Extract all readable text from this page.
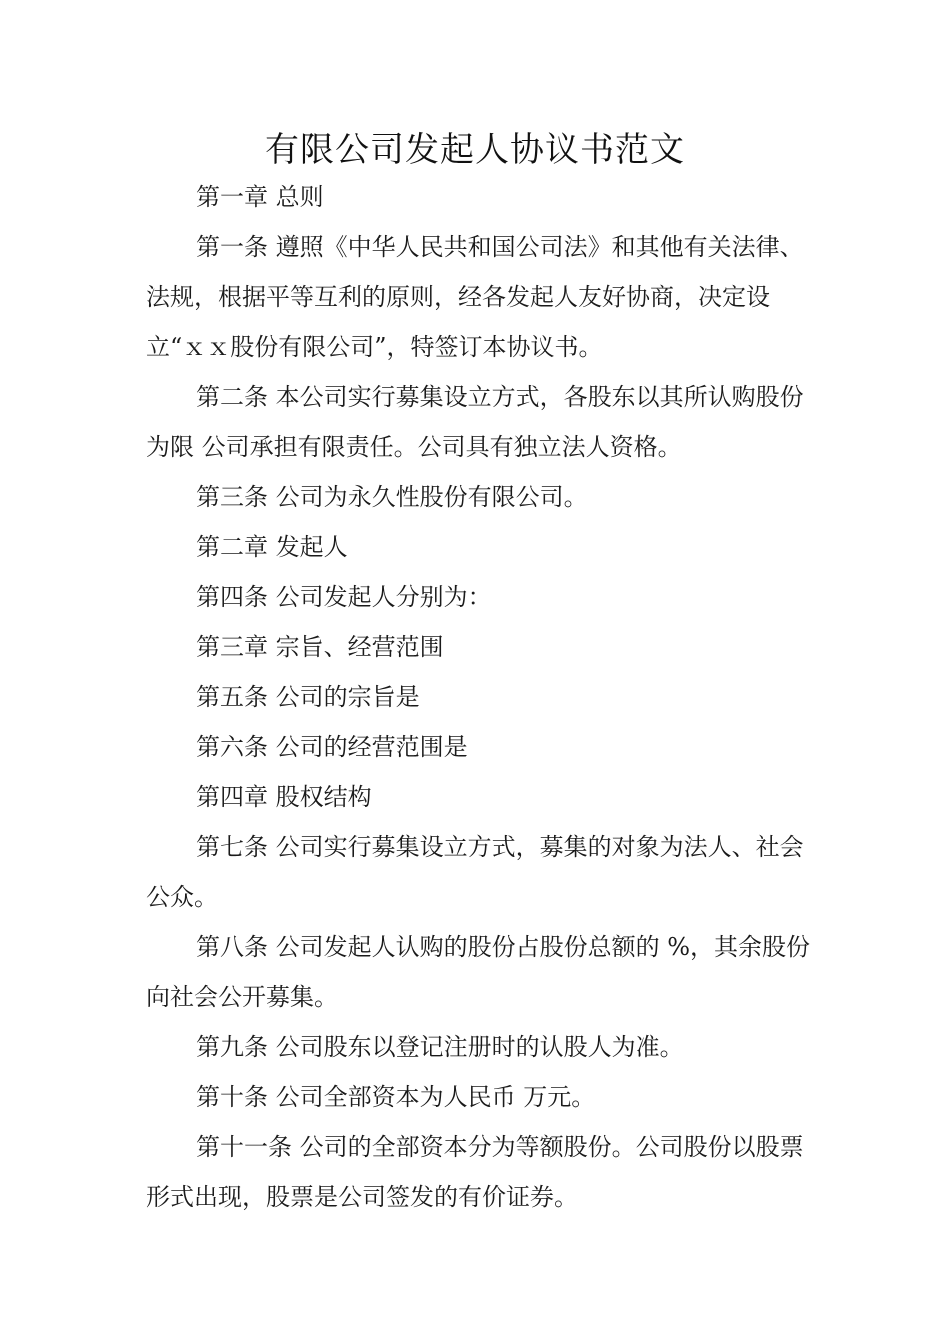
有限公司发起人协议书范文

第一章 总则

第一条 遵照《中华人民共和国公司法》和其他有关法律、法规，根据平等互利的原则，经各发起人友好协商，决定设立“ｘｘ股份有限公司”，特签订本协议书。

第二条 本公司实行募集设立方式，各股东以其所认购股份为限 公司承担有限责任。公司具有独立法人资格。

第三条 公司为永久性股份有限公司。

第二章 发起人

第四条 公司发起人分别为：

第三章 宗旨、经营范围

第五条 公司的宗旨是

第六条 公司的经营范围是

第四章 股权结构

第七条 公司实行募集设立方式，募集的对象为法人、社会公众。

第八条 公司发起人认购的股份占股份总额的 %，其余股份向社会公开募集。

第九条 公司股东以登记注册时的认股人为准。

第十条 公司全部资本为人民币 万元。

第十一条 公司的全部资本分为等额股份。公司股份以股票形式出现，股票是公司签发的有价证券。
